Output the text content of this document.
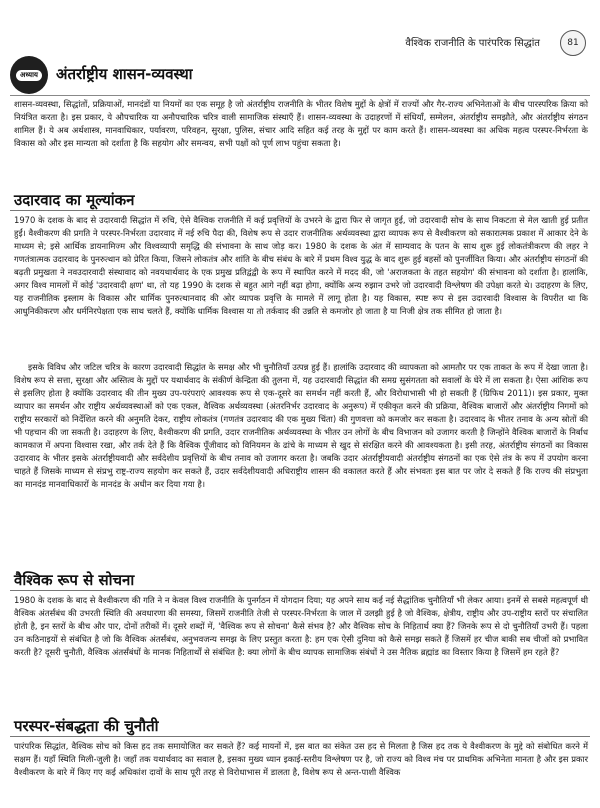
वैश्विक राजनीति के पारंपरिक सिद्धांत	81
अध्याय अंतर्राष्ट्रीय शासन-व्यवस्था

शासन-व्यवस्था, सिद्धांतों, प्रक्रियाओं, मानदंडों या नियमों का एक समूह है जो अंतर्राष्ट्रीय राजनीति के भीतर विशेष मुद्दों के क्षेत्रों में राज्यों और गैर-राज्य अभिनेताओं के बीच पारस्परिक क्रिया को नियंत्रित करता है। इस प्रकार, ये औपचारिक या अनौपचारिक चरित्र वाली सामाजिक संस्थाएँ हैं। शासन-व्यवस्था के उदाहरणों में संधियाँ, सम्मेलन, अंतर्राष्ट्रीय समझौते, और अंतर्राष्ट्रीय संगठन शामिल हैं। ये अब अर्थशास्त्र, मानवाधिकार, पर्यावरण, परिवहन, सुरक्षा, पुलिस, संचार आदि सहित कई तरह के मुद्दों पर काम करते हैं। शासन-व्यवस्था का अधिक महत्व परस्पर-निर्भरता के विकास को और इस मान्यता को दर्शाता है कि सहयोग और समन्वय, सभी पक्षों को पूर्ण लाभ पहुंचा सकता है।

उदारवाद का मूल्यांकन

1970 के दशक के बाद से उदारवादी सिद्धांत में रुचि, ऐसे वैश्विक राजनीति में कई प्रवृत्तियों के उभरने के द्वारा फिर से जागृत हुई, जो उदारवादी सोच के साथ निकटता से मेल खाती हुई प्रतीत हुईं। वैश्वीकरण की प्रगति ने परस्पर-निर्भरता उदारवाद में नई रुचि पैदा की, विशेष रूप से उदार राजनीतिक अर्थव्यवस्था द्वारा व्यापक रूप से वैश्वीकरण को सकारात्मक प्रकाश में आकार देने के माध्यम से; इसे आर्थिक डायनामिज्म और विश्वव्यापी समृद्धि की संभावना के साथ जोड़ कर। 1980 के दशक के अंत में साम्यवाद के पतन के साथ शुरू हुई लोकतंत्रीकरण की लहर ने गणतंत्रात्मक उदारवाद के पुनरुत्थान को प्रेरित किया, जिसने लोकतंत्र और शांति के बीच संबंध के बारे में प्रथम विश्व युद्ध के बाद शुरू हुई बहसों को पुनर्जीवित किया। और अंतर्राष्ट्रीय संगठनों की बढ़ती प्रमुखता ने नवउदारवादी संस्थावाद को नवयथार्थवाद के एक प्रमुख प्रतिद्वंद्वी के रूप में स्थापित करने में मदद की, जो 'अराजकता के तहत सहयोग' की संभावना को दर्शाता है। हालांकि, अगर विश्व मामलों में कोई 'उदारवादी क्षण' था, तो यह 1990 के दशक से बहुत आगे नहीं बढ़ा होगा, क्योंकि अन्य रुझान उभरे जो उदारवादी विश्लेषण की उपेक्षा करते थे। उदाहरण के लिए, यह राजनीतिक इस्लाम के विकास और धार्मिक पुनरुत्थानवाद की ओर व्यापक प्रवृत्ति के मामले में लागू होता है। यह विकास, स्पष्ट रूप से इस उदारवादी विश्वास के विपरीत था कि आधुनिकीकरण और धर्मनिरपेक्षता एक साथ चलते हैं, क्योंकि धार्मिक विश्वास या तो तर्कवाद की उन्नति से कमजोर हो जाता है या निजी क्षेत्र तक सीमित हो जाता है।

इसके विविध और जटिल चरित्र के कारण उदारवादी सिद्धांत के समक्ष और भी चुनौतियाँ उत्पन्न हुई हैं। हालांकि उदारवाद की व्यापकता को आमतौर पर एक ताकत के रूप में देखा जाता है। विशेष रूप से सत्ता, सुरक्षा और अस्तित्व के मुद्दों पर यथार्थवाद के संकीर्ण केन्द्रिता की तुलना में, यह उदारवादी सिद्धांत की समग्र सुसंगतता को सवालों के घेरे में ला सकता है। ऐसा आंशिक रूप से इसलिए होता है क्योंकि उदारवाद की तीन मुख्य उप-परंपराएं आवश्यक रूप से एक-दूसरे का समर्थन नहीं करती हैं, और विरोधाभासी भी हो सकती हैं (ग्रिफिथ 2011)। इस प्रकार, मुक्त व्यापार का समर्थन और राष्ट्रीय अर्थव्यवस्थाओं को एक एकल, वैश्विक अर्थव्यवस्था (अंतरनिर्भर उदारवाद के अनुरूप) में एकीकृत करने की प्रक्रिया, वैश्विक बाजारों और अंतर्राष्ट्रीय निगमों को राष्ट्रीय सरकारों को निर्देशित करने की अनुमति देकर, राष्ट्रीय लोकतंत्र (गणतंत्र उदारवाद की एक मुख्य चिंता) की गुणवत्ता को कमजोर कर सकता है। उदारवाद के भीतर तनाव के अन्य स्रोतों की भी पहचान की जा सकती है। उदाहरण के लिए, वैश्वीकरण की प्रगति, उदार राजनीतिक अर्थव्यवस्था के भीतर उन लोगों के बीच विभाजन को उजागर करती है जिन्होंने वैश्विक बाजारों के निर्बाध कामकाज में अपना विश्वास रखा, और तर्क देते हैं कि वैश्विक पूँजीवाद को विनियमन के ढांचे के माध्यम से खुद से संरक्षित करने की आवश्यकता है। इसी तरह, अंतर्राष्ट्रीय संगठनों का विकास उदारवाद के भीतर इसके अंतर्राष्ट्रीयवादी और सर्वदेशीय प्रवृत्तियों के बीच तनाव को उजागर करता है। जबकि उदार अंतर्राष्ट्रीयवादी अंतर्राष्ट्रीय संगठनों का एक ऐसे तंत्र के रूप में उपयोग करना चाहते हैं जिसके माध्यम से संप्रभु राष्ट्र-राज्य सहयोग कर सकते हैं, उदार सर्वदेशीयवादी अधिराष्ट्रीय शासन की वकालत करते हैं और संभवतः इस बात पर जोर दे सकते हैं कि राज्य की संप्रभुता का मानदंड मानवाधिकारों के मानदंड के अधीन कर दिया गया है।

वैश्विक रूप से सोचना

1980 के दशक के बाद से वैश्वीकरण की गति ने न केवल विश्व राजनीति के पुनर्गठन में योगदान दिया; यह अपने साथ कई नई सैद्धांतिक चुनौतियाँ भी लेकर आया। इनमें से सबसे महत्वपूर्ण थी वैश्विक अंतर्संबंध की उभरती स्थिति की अवधारणा की समस्या, जिसमें राजनीति तेजी से परस्पर-निर्भरता के जाल में उलझी हुई है जो वैश्विक, क्षेत्रीय, राष्ट्रीय और उप-राष्ट्रीय स्तरों पर संचालित होती है, इन स्तरों के बीच और पार, दोनों तरीकों में। दूसरे शब्दों में, 'वैश्विक रूप से सोचना' कैसे संभव है? और वैश्विक सोच के निहितार्थ क्या हैं? जिनके रूप से दो चुनौतियाँ उभरी हैं। पहला उन कठिनाइयों से संबंधित है जो कि वैश्विक अंतर्संबंध, अनुभवजन्य समझ के लिए प्रस्तुत करता है: हम एक ऐसी दुनिया को कैसे समझ सकते हैं जिसमें हर चीज बाकी सब चीजों को प्रभावित करती है? दूसरी चुनौती, वैश्विक अंतर्संबंधों के मानक निहितार्थों से संबंधित है: क्या लोगों के बीच व्यापक सामाजिक संबंधों ने उस नैतिक ब्रह्मांड का विस्तार किया है जिसमें हम रहते हैं?

परस्पर-संबद्धता की चुनौती

पारंपरिक सिद्धांत, वैश्विक सोच को किस हद तक समायोजित कर सकते हैं? कई मायनों में, इस बात का संकेत उस हद से मिलता है जिस हद तक ये वैश्वीकरण के मुद्दे को संबोधित करने में सक्षम हैं। यहाँ स्थिति मिली-जुली है। जहाँ तक यथार्थवाद का सवाल है, इसका मुख्य ध्यान इकाई-स्तरीय विश्लेषण पर है, जो राज्य को विश्व मंच पर प्राथमिक अभिनेता मानता है और इस प्रकार वैश्वीकरण के बारे में किए गए कई अधिकांश दावों के साथ पूरी तरह से विरोधाभास में डालता है, विशेष रूप से अन्त-पाशी वैश्विक
